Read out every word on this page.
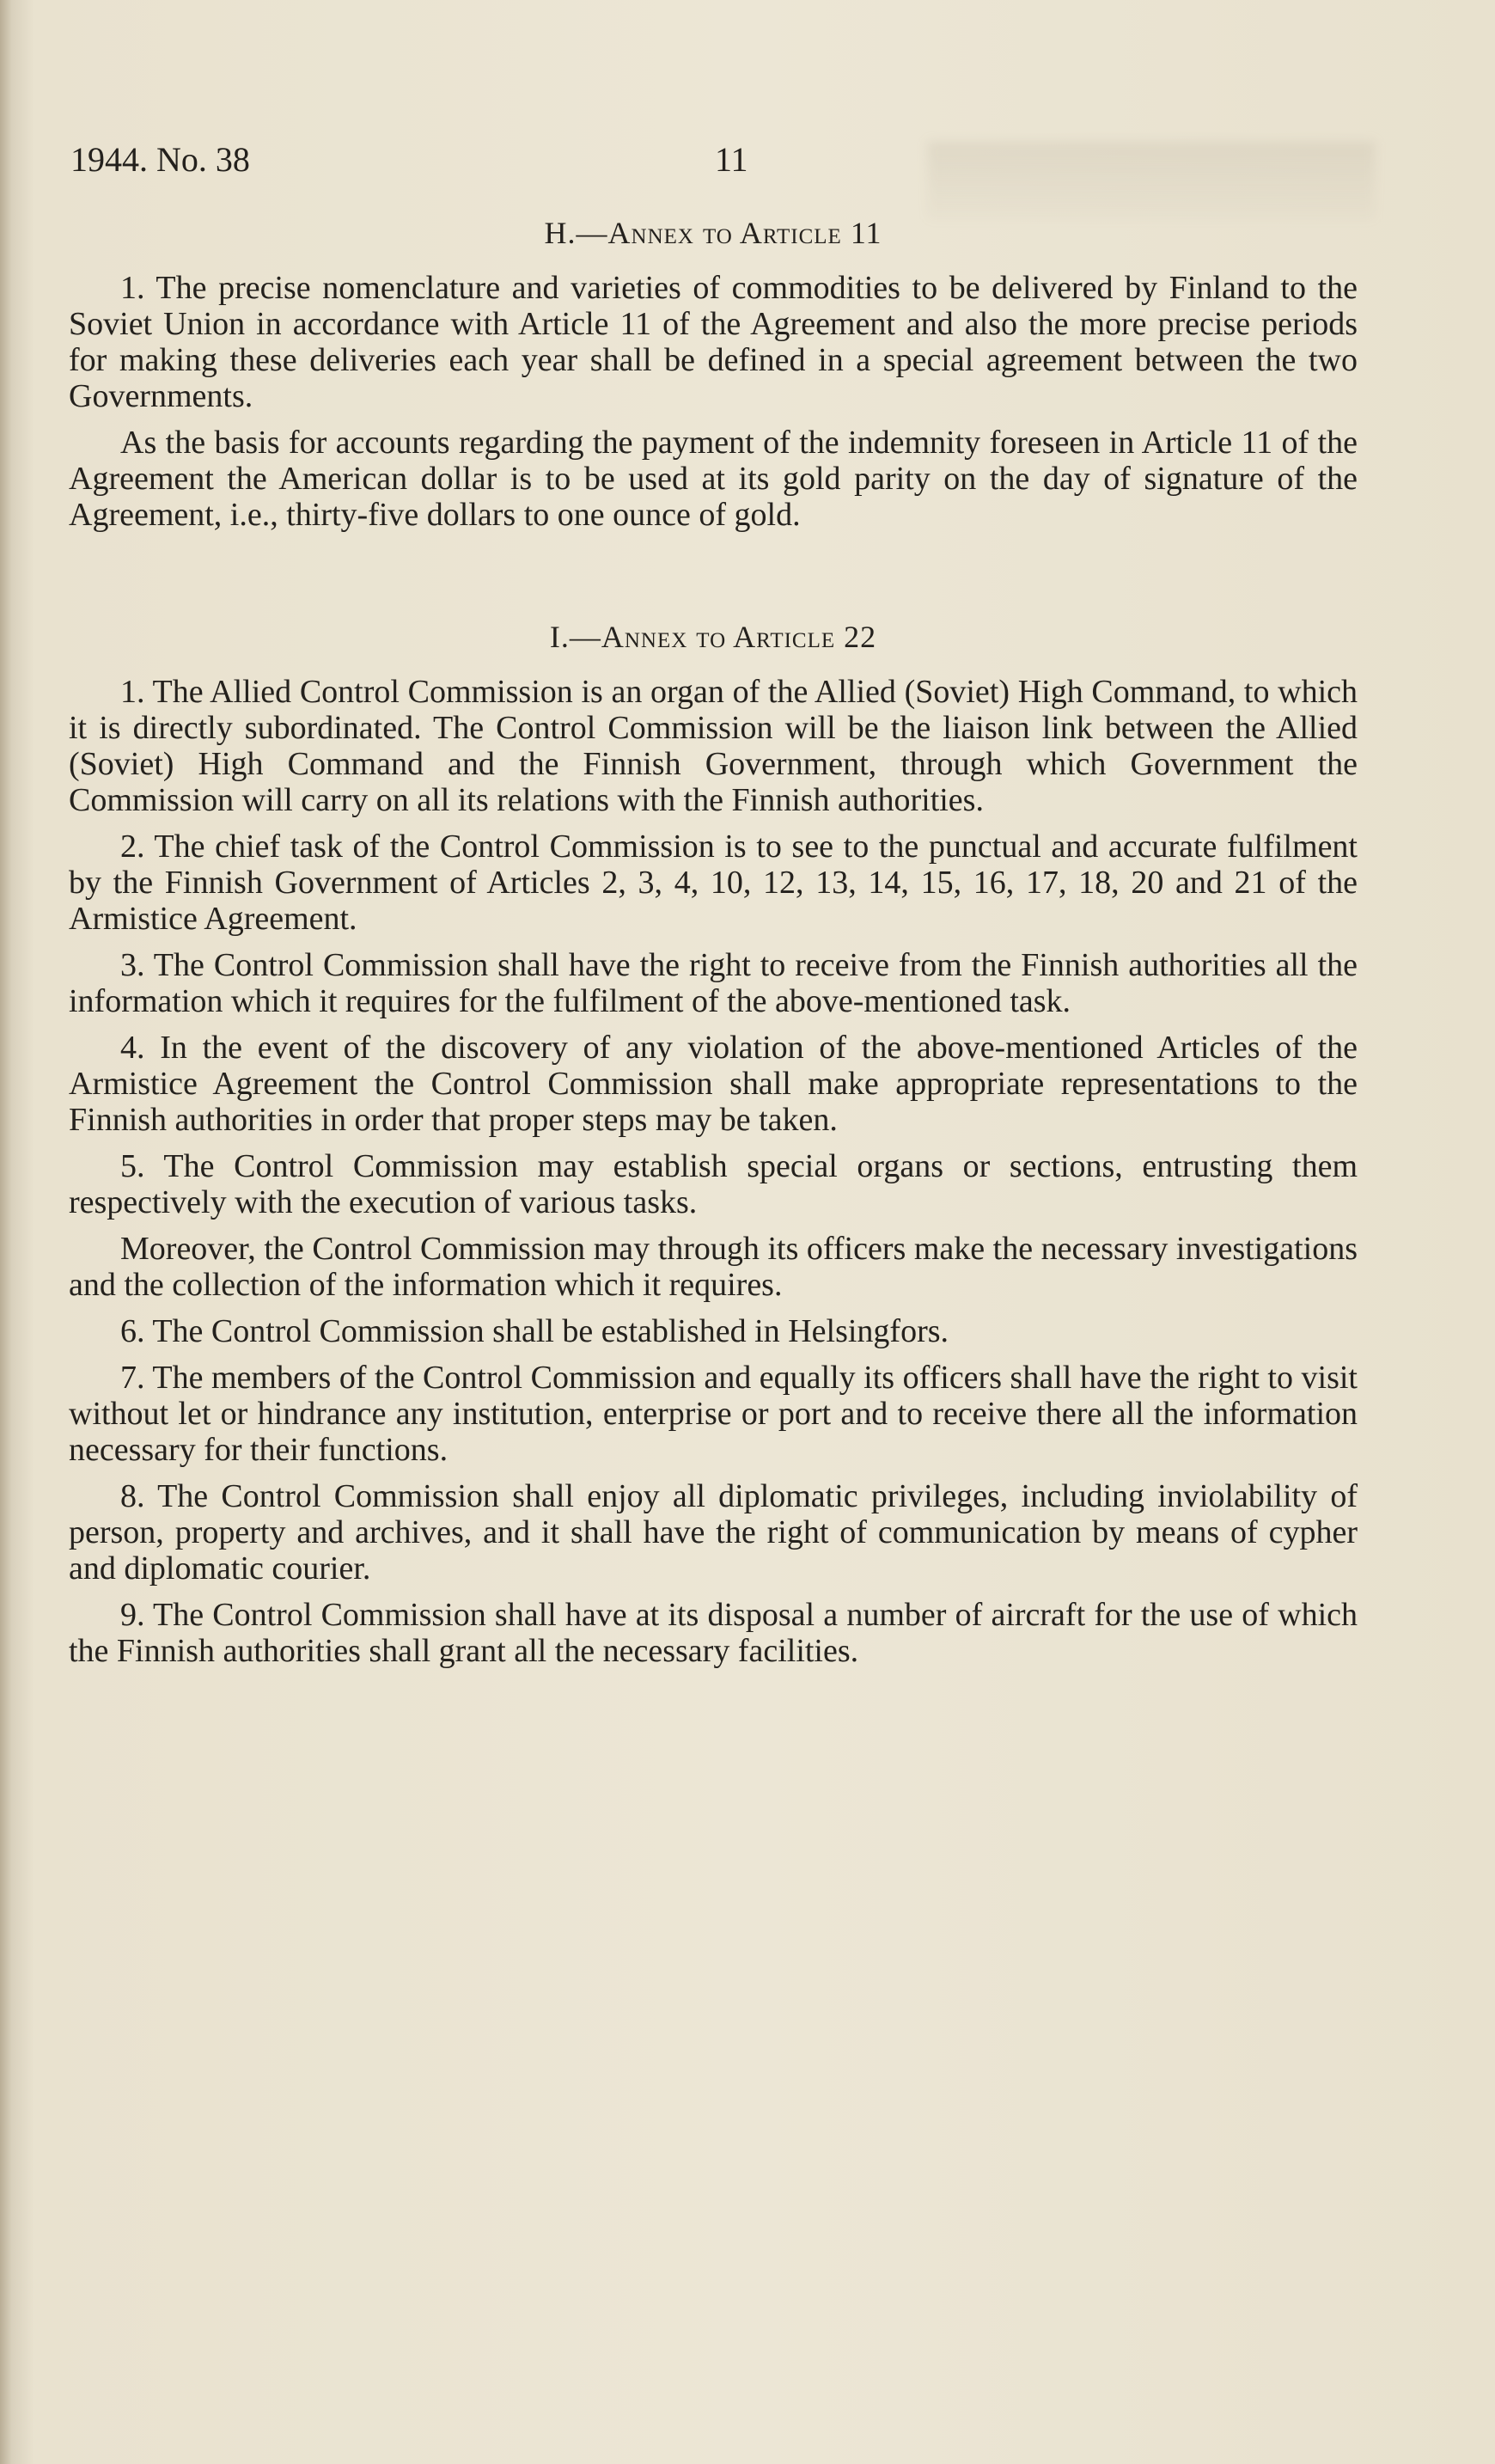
1944. No. 38	11
H.—Annex to Article 11

1. The precise nomenclature and varieties of commodities to be delivered by Finland to the Soviet Union in accordance with Article 11 of the Agreement and also the more precise periods for making these deliveries each year shall be defined in a special agreement between the two Governments.

As the basis for accounts regarding the payment of the indemnity foreseen in Article 11 of the Agreement the American dollar is to be used at its gold parity on the day of signature of the Agreement, i.e., thirty-five dollars to one ounce of gold.

I.—Annex to Article 22

1. The Allied Control Commission is an organ of the Allied (Soviet) High Command, to which it is directly subordinated. The Control Commission will be the liaison link between the Allied (Soviet) High Command and the Finnish Government, through which Government the Commission will carry on all its relations with the Finnish authorities.

2. The chief task of the Control Commission is to see to the punctual and accurate fulfilment by the Finnish Government of Articles 2, 3, 4, 10, 12, 13, 14, 15, 16, 17, 18, 20 and 21 of the Armistice Agreement.

3. The Control Commission shall have the right to receive from the Finnish authorities all the information which it requires for the fulfilment of the above-mentioned task.

4. In the event of the discovery of any violation of the above-mentioned Articles of the Armistice Agreement the Control Commission shall make appropriate representations to the Finnish authorities in order that proper steps may be taken.

5. The Control Commission may establish special organs or sections, entrusting them respectively with the execution of various tasks.

Moreover, the Control Commission may through its officers make the necessary investigations and the collection of the information which it requires.

6. The Control Commission shall be established in Helsingfors.

7. The members of the Control Commission and equally its officers shall have the right to visit without let or hindrance any institution, enterprise or port and to receive there all the information necessary for their functions.

8. The Control Commission shall enjoy all diplomatic privileges, including inviolability of person, property and archives, and it shall have the right of communication by means of cypher and diplomatic courier.

9. The Control Commission shall have at its disposal a number of aircraft for the use of which the Finnish authorities shall grant all the necessary facilities.
